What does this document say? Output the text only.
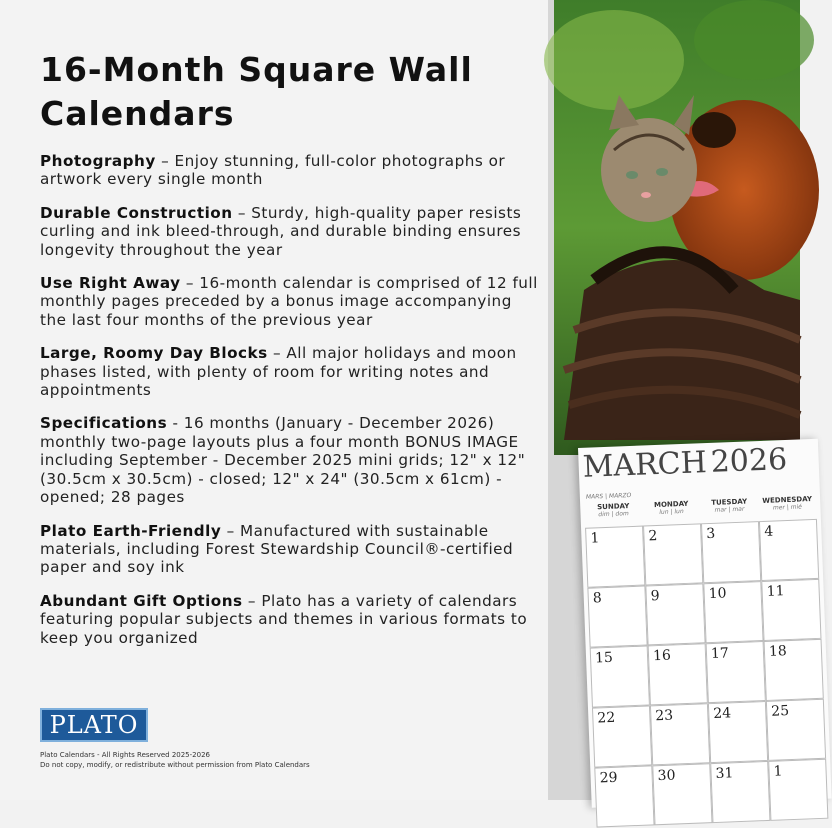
16-Month Square Wall Calendars

Photography – Enjoy stunning, full-color photographs or artwork every single month

Durable Construction – Sturdy, high-quality paper resists curling and ink bleed-through, and durable binding ensures longevity throughout the year

Use Right Away – 16-month calendar is comprised of 12 full monthly pages preceded by a bonus image accompanying the last four months of the previous year

Large, Roomy Day Blocks – All major holidays and moon phases listed, with plenty of room for writing notes and appointments

Specifications - 16 months (January - December 2026) monthly two-page layouts plus a four month BONUS IMAGE including September - December 2025 mini grids; 12" x 12" (30.5cm x 30.5cm) - closed; 12" x 24" (30.5cm x 61cm) - opened; 28 pages

Plato Earth-Friendly – Manufactured with sustainable materials, including Forest Stewardship Council®-certified paper and soy ink

Abundant Gift Options – Plato has a variety of calendars featuring popular subjects and themes in various formats to keep you organized

PLATO
Plato Calendars - All Rights Reserved 2025-2026
Do not copy, modify, or redistribute without permission from Plato Calendars
MARCH2026
MARS | MARZO
SUNDAY
dim | dom
MONDAY
lun | lun
TUESDAY
mar | mar
WEDNESDAY
mer | mié
1	2	3	4
8	9	10	11
15	16	17	18
22	23	24	25
29	30	31	1
